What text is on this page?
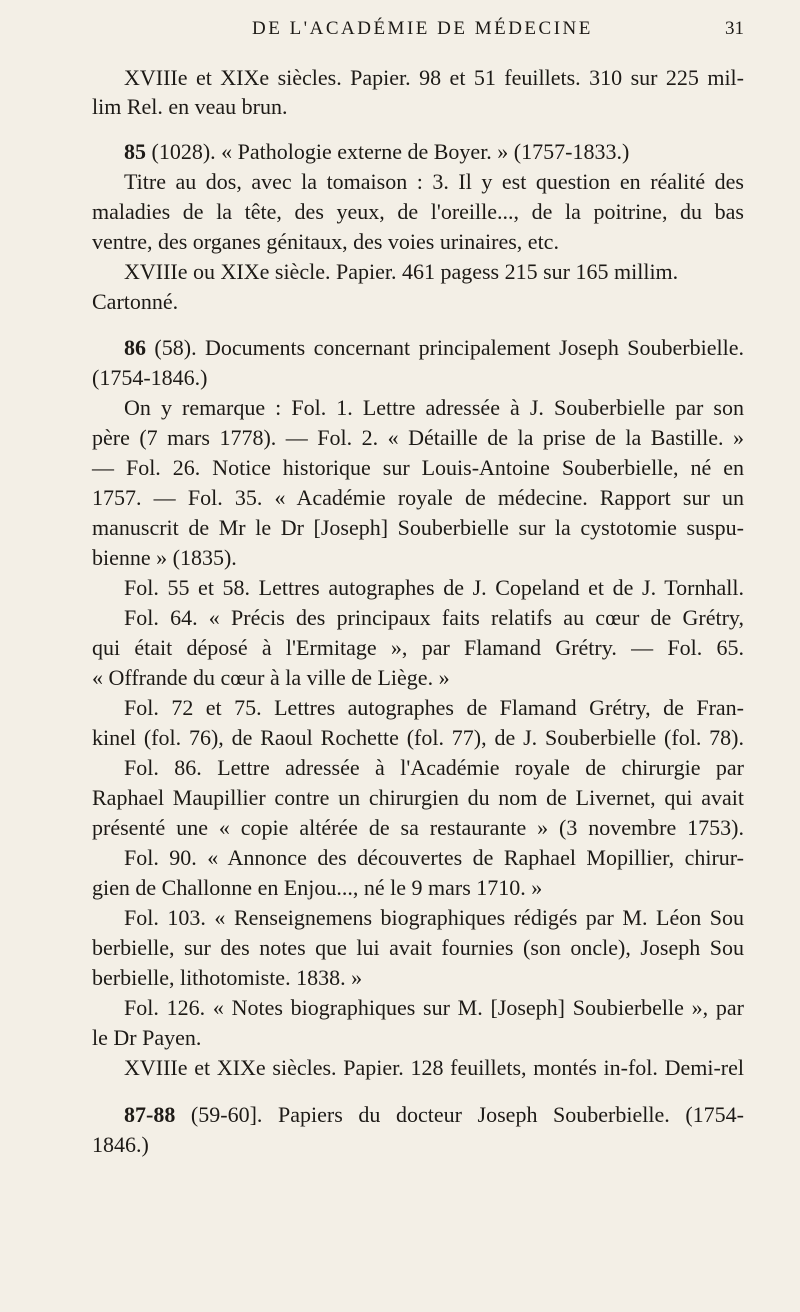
DE L'ACADÉMIE DE MÉDECINE	31
XVIIIe et XIXe siècles. Papier. 98 et 51 feuillets. 310 sur 225 mil-
lim Rel. en veau brun.
85 (1028). « Pathologie externe de Boyer. » (1757-1833.)
Titre au dos, avec la tomaison : 3. Il y est question en réalité des
maladies de la tête, des yeux, de l'oreille..., de la poitrine, du bas
ventre, des organes génitaux, des voies urinaires, etc.
XVIIIe ou XIXe siècle. Papier. 461 pagess 215 sur 165 millim.
Cartonné.
86 (58). Documents concernant principalement Joseph Souberbielle.
(1754-1846.)
On y remarque : Fol. 1. Lettre adressée à J. Souberbielle par son
père (7 mars 1778). — Fol. 2. « Détaille de la prise de la Bastille. »
— Fol. 26. Notice historique sur Louis-Antoine Souberbielle, né en
1757. — Fol. 35. « Académie royale de médecine. Rapport sur un
manuscrit de Mr le Dr [Joseph] Souberbielle sur la cystotomie suspu-
bienne » (1835).
Fol. 55 et 58. Lettres autographes de J. Copeland et de J. Tornhall.
Fol. 64. « Précis des principaux faits relatifs au cœur de Grétry,
qui était déposé à l'Ermitage », par Flamand Grétry. — Fol. 65.
« Offrande du cœur à la ville de Liège. »
Fol. 72 et 75. Lettres autographes de Flamand Grétry, de Fran-
kinel (fol. 76), de Raoul Rochette (fol. 77), de J. Souberbielle (fol. 78).
Fol. 86. Lettre adressée à l'Académie royale de chirurgie par
Raphael Maupillier contre un chirurgien du nom de Livernet, qui avait
présenté une « copie altérée de sa restaurante » (3 novembre 1753).
Fol. 90. « Annonce des découvertes de Raphael Mopillier, chirur-
gien de Challonne en Enjou..., né le 9 mars 1710. »
Fol. 103. « Renseignemens biographiques rédigés par M. Léon Sou
berbielle, sur des notes que lui avait fournies (son oncle), Joseph Sou
berbielle, lithotomiste. 1838. »
Fol. 126. « Notes biographiques sur M. [Joseph] Soubierbelle », par
le Dr Payen.
XVIIIe et XIXe siècles. Papier. 128 feuillets, montés in-fol. Demi-rel
87-88 (59-60]. Papiers du docteur Joseph Souberbielle. (1754-
1846.)
